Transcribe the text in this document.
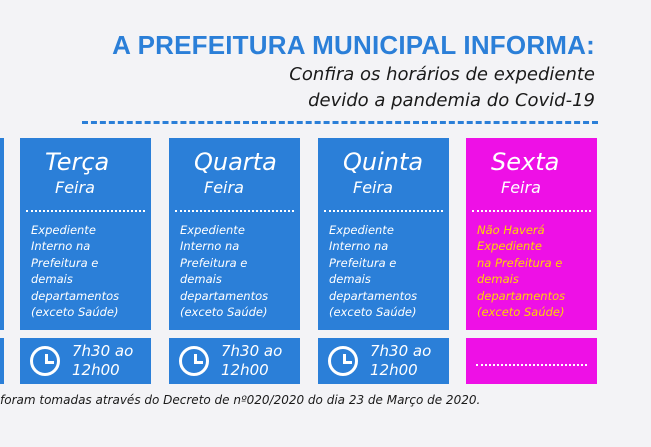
A PREFEITURA MUNICIPAL INFORMA:

Confira os horários de expediente

devido a pandemia do Covid-19

Terça
Feira
Expediente
Interno na
Prefeitura e
demais
departamentos
(exceto Saúde)
7h30 ao
12h00
Quarta
Feira
Expediente
Interno na
Prefeitura e
demais
departamentos
(exceto Saúde)
7h30 ao
12h00
Quinta
Feira
Expediente
Interno na
Prefeitura e
demais
departamentos
(exceto Saúde)
7h30 ao
12h00
Sexta
Feira
Não Haverá
Expediente
na Prefeitura e
demais
departamentos
(exceto Saúde)

foram tomadas através do Decreto de nº020/2020 do dia 23 de Março de 2020.
